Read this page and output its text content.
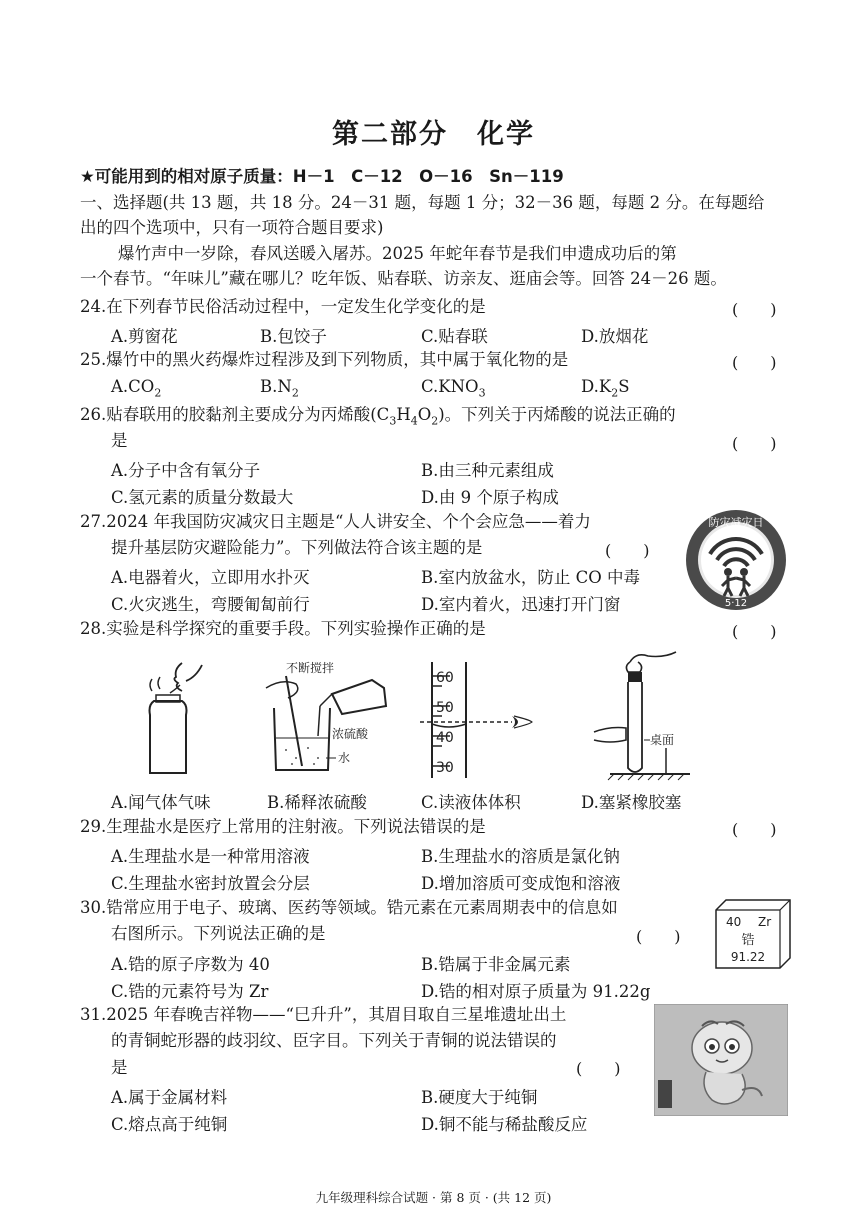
第二部分　化学
★可能用到的相对原子质量：H－1　C－12　O－16　Sn－119
一、选择题(共 13 题，共 18 分。24－31 题，每题 1 分；32－36 题，每题 2 分。在每题给
出的四个选项中，只有一项符合题目要求)
爆竹声中一岁除，春风送暖入屠苏。2025 年蛇年春节是我们申遗成功后的第
一个春节。“年味儿”藏在哪儿？吃年饭、贴春联、访亲友、逛庙会等。回答 24－26 题。
24.在下列春节民俗活动过程中，一定发生化学变化的是	(　　)
A.剪窗花	B.包饺子	C.贴春联	D.放烟花
25.爆竹中的黑火药爆炸过程涉及到下列物质，其中属于氧化物的是	(　　)
$A.CO_2$	$B.N_2$	$C.KNO_3$	$D.K_2S$
26.贴春联用的胶黏剂主要成分为丙烯酸$(C_3H_4O_2)$。下列关于丙烯酸的说法正确的
是	(　　)
A.分子中含有氧分子	B.由三种元素组成
C.氢元素的质量分数最大	D.由 9 个原子构成
27.2024 年我国防灾减灾日主题是“人人讲安全、个个会应急——着力
提升基层防灾避险能力”。下列做法符合该主题的是	(　　)
A.电器着火，立即用水扑灭	B.室内放盆水，防止 CO 中毒
C.火灾逃生，弯腰匍匐前行	D.室内着火，迅速打开门窗
防灾减灾日
5·12
28.实验是科学探究的重要手段。下列实验操作正确的是	(　　)
不断搅拌
浓硫酸
水
60
50
40
30
桌面
A.闻气体气味	B.稀释浓硫酸	C.读液体体积	D.塞紧橡胶塞
29.生理盐水是医疗上常用的注射液。下列说法错误的是	(　　)
A.生理盐水是一种常用溶液	B.生理盐水的溶质是氯化钠
C.生理盐水密封放置会分层	D.增加溶质可变成饱和溶液
30.锆常应用于电子、玻璃、医药等领域。锆元素在元素周期表中的信息如
右图所示。下列说法正确的是	(　　)
A.锆的原子序数为 40	B.锆属于非金属元素
C.锆的元素符号为 Zr	D.锆的相对原子质量为 91.22g
40 Zr
锆
91.22
31.2025 年春晚吉祥物——“巳升升”，其眉目取自三星堆遗址出土
的青铜蛇形器的歧羽纹、臣字目。下列关于青铜的说法错误的
是	(　　)
A.属于金属材料	B.硬度大于纯铜
C.熔点高于纯铜	D.铜不能与稀盐酸反应
九年级理科综合试题 · 第 8 页 · (共 12 页)
